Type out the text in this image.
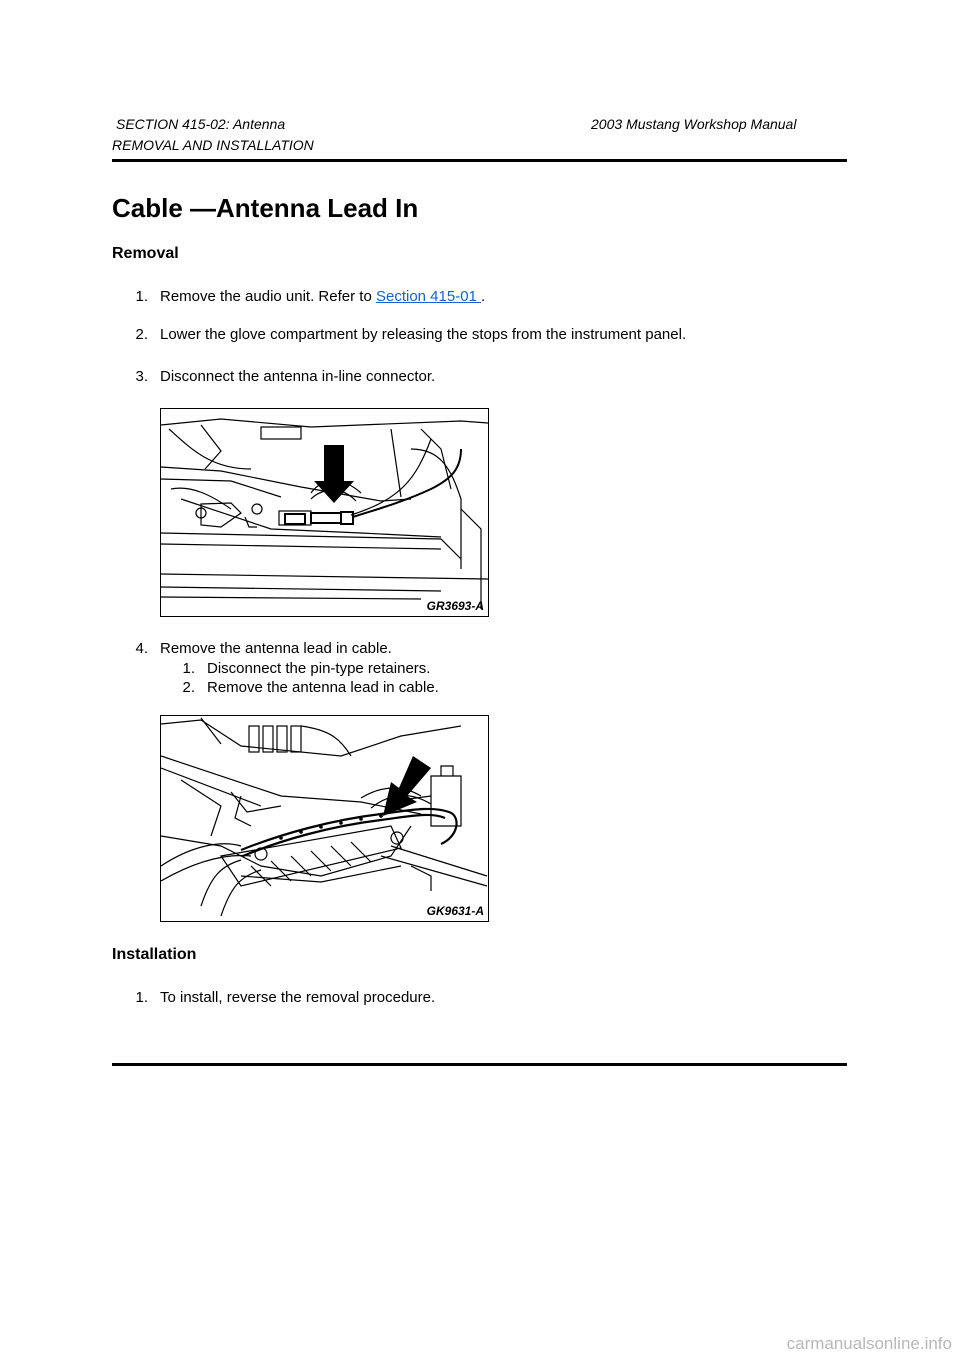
SECTION 415-02: Antenna	2003 Mustang Workshop Manual
REMOVAL AND INSTALLATION
Cable —Antenna Lead In
Removal
1. Remove the audio unit. Refer to Section 415-01 .
2. Lower the glove compartment by releasing the stops from the instrument panel.
3. Disconnect the antenna in-line connector.
GR3693-A
4. Remove the antenna lead in cable.
1. Disconnect the pin-type retainers.
2. Remove the antenna lead in cable.
GK9631-A
Installation
1. To install, reverse the removal procedure.
carmanualsonline.info
